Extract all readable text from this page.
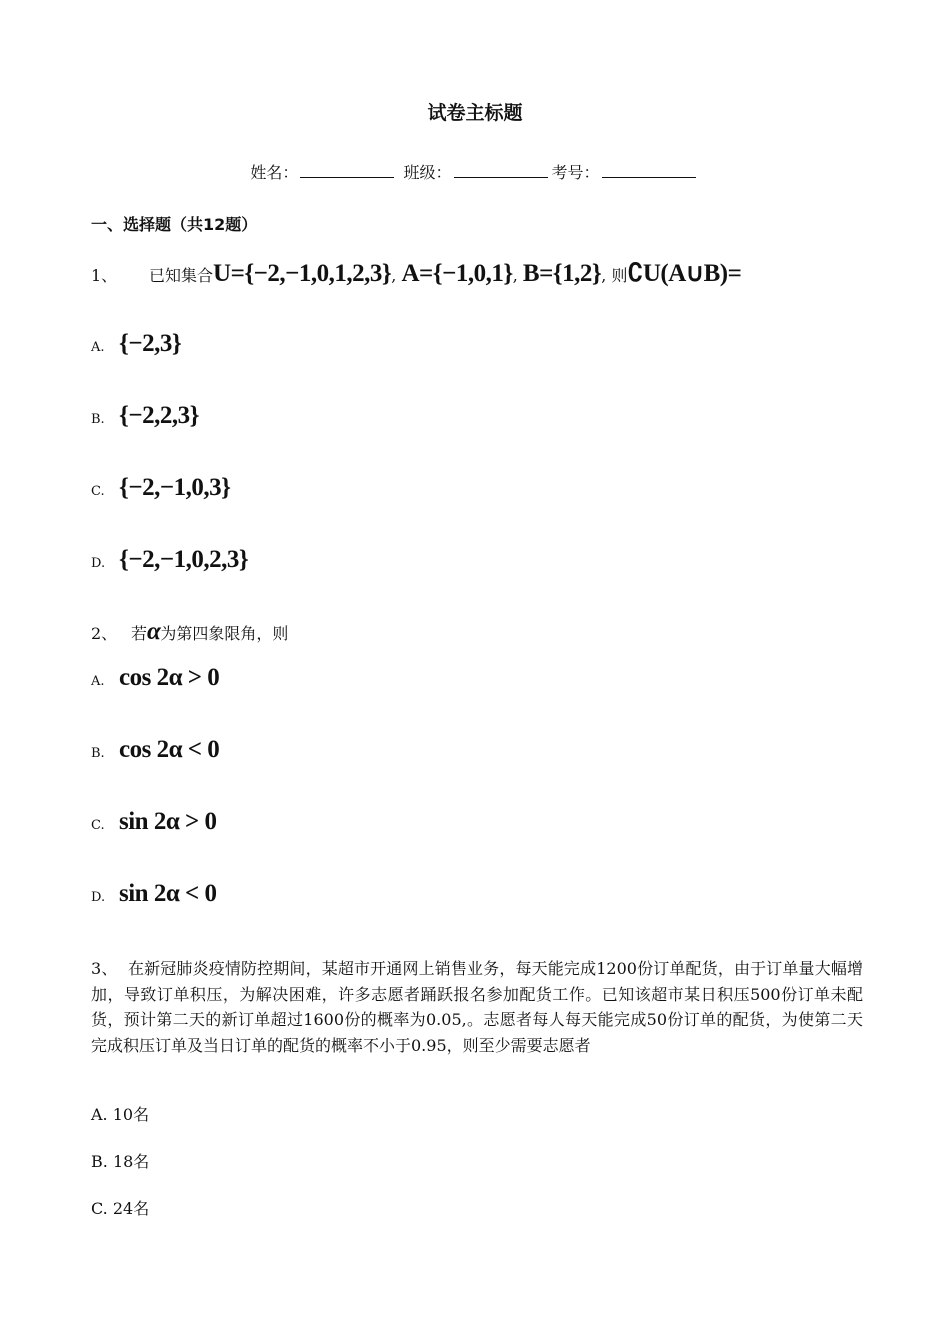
试卷主标题
姓名：	班级：	考号：
一、选择题（共12题）
1、 已知集合U={−2,−1,0,1,2,3}, A={−1,0,1}, B={1,2}, 则∁U(A∪B)=
A. {−2,3}
B. {−2,2,3}
C. {−2,−1,0,3}
D. {−2,−1,0,2,3}
2、 若α为第四象限角，则
A. cos 2α > 0
B. cos 2α < 0
C. sin 2α > 0
D. sin 2α < 0
3、 在新冠肺炎疫情防控期间，某超市开通网上销售业务，每天能完成1200份订单配货，由于订单量大幅增加，导致订单积压，为解决困难，许多志愿者踊跃报名参加配货工作。已知该超市某日积压500份订单未配货，预计第二天的新订单超过1600份的概率为0.05,。志愿者每人每天能完成50份订单的配货，为使第二天完成积压订单及当日订单的配货的概率不小于0.95，则至少需要志愿者
A. 10名
B. 18名
C. 24名
